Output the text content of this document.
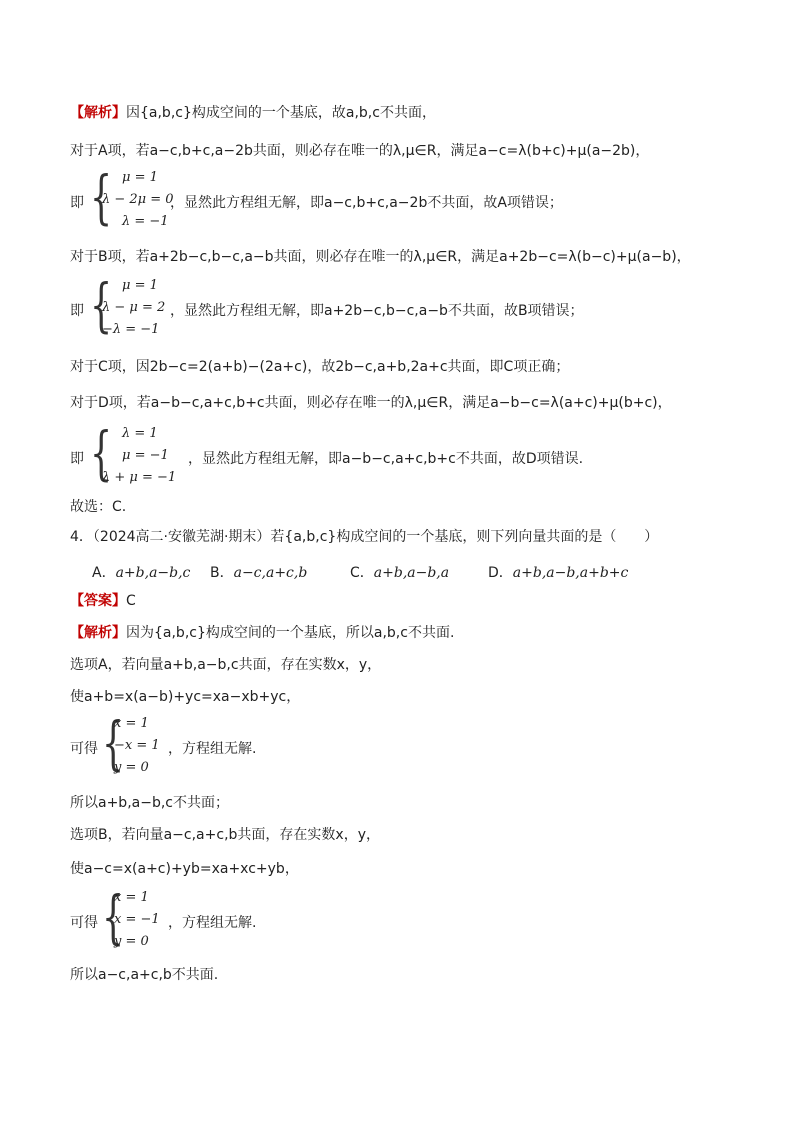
【解析】因{a,b,c}构成空间的一个基底，故a,b,c不共面，
对于A项，若a−c,b+c,a−2b共面，则必存在唯一的λ,μ∈R，满足a−c=λ(b+c)+μ(a−2b)，
即 { μ = 1
λ − 2μ = 0
λ = −1
，显然此方程组无解，即a−c,b+c,a−2b不共面，故A项错误；
对于B项，若a+2b−c,b−c,a−b共面，则必存在唯一的λ,μ∈R，满足a+2b−c=λ(b−c)+μ(a−b)，
即 { μ = 1
λ − μ = 2
−λ = −1
，显然此方程组无解，即a+2b−c,b−c,a−b不共面，故B项错误；
对于C项，因2b−c=2(a+b)−(2a+c)，故2b−c,a+b,2a+c共面，即C项正确；
对于D项，若a−b−c,a+c,b+c共面，则必存在唯一的λ,μ∈R，满足a−b−c=λ(a+c)+μ(b+c)，
即 { λ = 1
μ = −1
λ + μ = −1
，显然此方程组无解，即a−b−c,a+c,b+c不共面，故D项错误.
故选：C.
4．（2024高二·安徽芜湖·期末）若{a,b,c}构成空间的一个基底，则下列向量共面的是（　　）
A．a+b,a−b,c B．a−c,a+c,b	C．a+b,a−b,a	D．a+b,a−b,a+b+c
【答案】C
【解析】因为{a,b,c}构成空间的一个基底，所以a,b,c不共面.
选项A，若向量a+b,a−b,c共面，存在实数x，y，
使a+b=x(a−b)+yc=xa−xb+yc，
可得 {
x = 1
−x = 1
y = 0
，方程组无解.
所以a+b,a−b,c不共面；
选项B，若向量a−c,a+c,b共面，存在实数x，y，
使a−c=x(a+c)+yb=xa+xc+yb，
可得 {
x = 1
x = −1
y = 0
，方程组无解.
所以a−c,a+c,b不共面.
